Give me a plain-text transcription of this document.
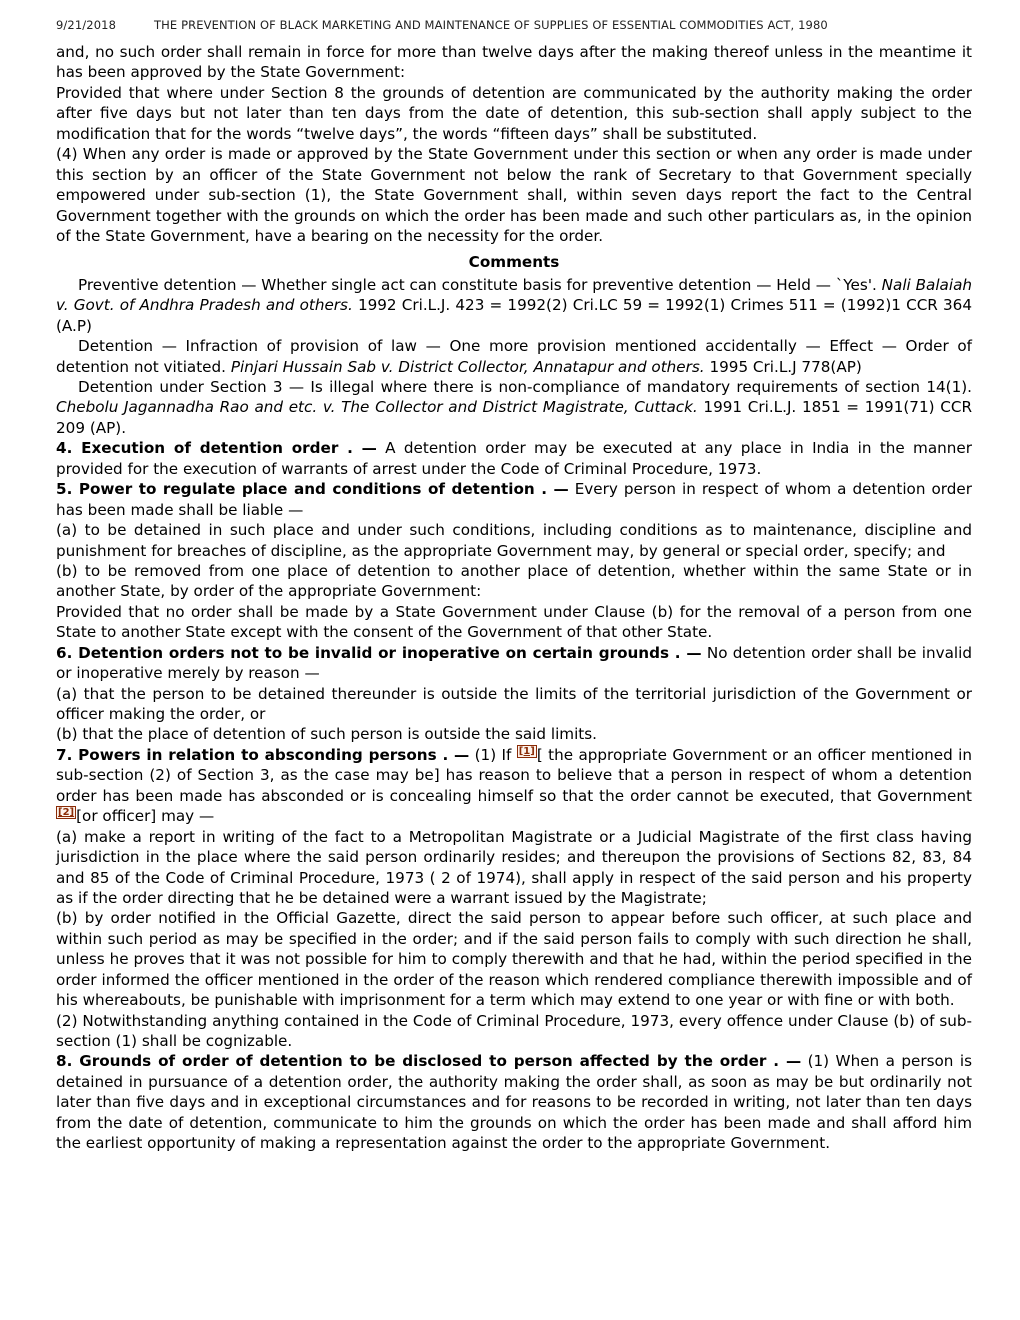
9/21/2018	THE PREVENTION OF BLACK MARKETING AND MAINTENANCE OF SUPPLIES OF ESSENTIAL COMMODITIES ACT, 1980

and, no such order shall remain in force for more than twelve days after the making thereof unless in the meantime it has been approved by the State Government:

Provided that where under Section 8 the grounds of detention are communicated by the authority making the order after five days but not later than ten days from the date of detention, this sub-section shall apply subject to the modification that for the words “twelve days”, the words “fifteen days” shall be substituted.

(4) When any order is made or approved by the State Government under this section or when any order is made under this section by an officer of the State Government not below the rank of Secretary to that Government specially empowered under sub-section (1), the State Government shall, within seven days report the fact to the Central Government together with the grounds on which the order has been made and such other particulars as, in the opinion of the State Government, have a bearing on the necessity for the order.

Comments

Preventive detention — Whether single act can constitute basis for preventive detention — Held — `Yes'. Nali Balaiah v. Govt. of Andhra Pradesh and others. 1992 Cri.L.J. 423 = 1992(2) Cri.LC 59 = 1992(1) Crimes 511 = (1992)1 CCR 364 (A.P)

Detention — Infraction of provision of law — One more provision mentioned accidentally — Effect — Order of detention not vitiated. Pinjari Hussain Sab v. District Collector, Annatapur and others. 1995 Cri.L.J 778(AP)

Detention under Section 3 — Is illegal where there is non-compliance of mandatory requirements of section 14(1). Chebolu Jagannadha Rao and etc. v. The Collector and District Magistrate, Cuttack. 1991 Cri.L.J. 1851 = 1991(71) CCR 209 (AP).

4. Execution of detention order . — A detention order may be executed at any place in India in the manner provided for the execution of warrants of arrest under the Code of Criminal Procedure, 1973.

5. Power to regulate place and conditions of detention . — Every person in respect of whom a detention order has been made shall be liable —

(a) to be detained in such place and under such conditions, including conditions as to maintenance, discipline and punishment for breaches of discipline, as the appropriate Government may, by general or special order, specify; and

(b) to be removed from one place of detention to another place of detention, whether within the same State or in another State, by order of the appropriate Government:

Provided that no order shall be made by a State Government under Clause (b) for the removal of a person from one State to another State except with the consent of the Government of that other State.

6. Detention orders not to be invalid or inoperative on certain grounds . — No detention order shall be invalid or inoperative merely by reason —

(a) that the person to be detained thereunder is outside the limits of the territorial jurisdiction of the Government or officer making the order, or

(b) that the place of detention of such person is outside the said limits.

7. Powers in relation to absconding persons . — (1) If [1] [ the appropriate Government or an officer mentioned in sub-section (2) of Section 3, as the case may be] has reason to believe that a person in respect of whom a detention order has been made has absconded or is concealing himself so that the order cannot be executed, that Government [2] [or officer] may —

(a) make a report in writing of the fact to a Metropolitan Magistrate or a Judicial Magistrate of the first class having jurisdiction in the place where the said person ordinarily resides; and thereupon the provisions of Sections 82, 83, 84 and 85 of the Code of Criminal Procedure, 1973 ( 2 of 1974), shall apply in respect of the said person and his property as if the order directing that he be detained were a warrant issued by the Magistrate;

(b) by order notified in the Official Gazette, direct the said person to appear before such officer, at such place and within such period as may be specified in the order; and if the said person fails to comply with such direction he shall, unless he proves that it was not possible for him to comply therewith and that he had, within the period specified in the order informed the officer mentioned in the order of the reason which rendered compliance therewith impossible and of his whereabouts, be punishable with imprisonment for a term which may extend to one year or with fine or with both.

(2) Notwithstanding anything contained in the Code of Criminal Procedure, 1973, every offence under Clause (b) of sub-section (1) shall be cognizable.

8. Grounds of order of detention to be disclosed to person affected by the order . — (1) When a person is detained in pursuance of a detention order, the authority making the order shall, as soon as may be but ordinarily not later than five days and in exceptional circumstances and for reasons to be recorded in writing, not later than ten days from the date of detention, communicate to him the grounds on which the order has been made and shall afford him the earliest opportunity of making a representation against the order to the appropriate Government.
